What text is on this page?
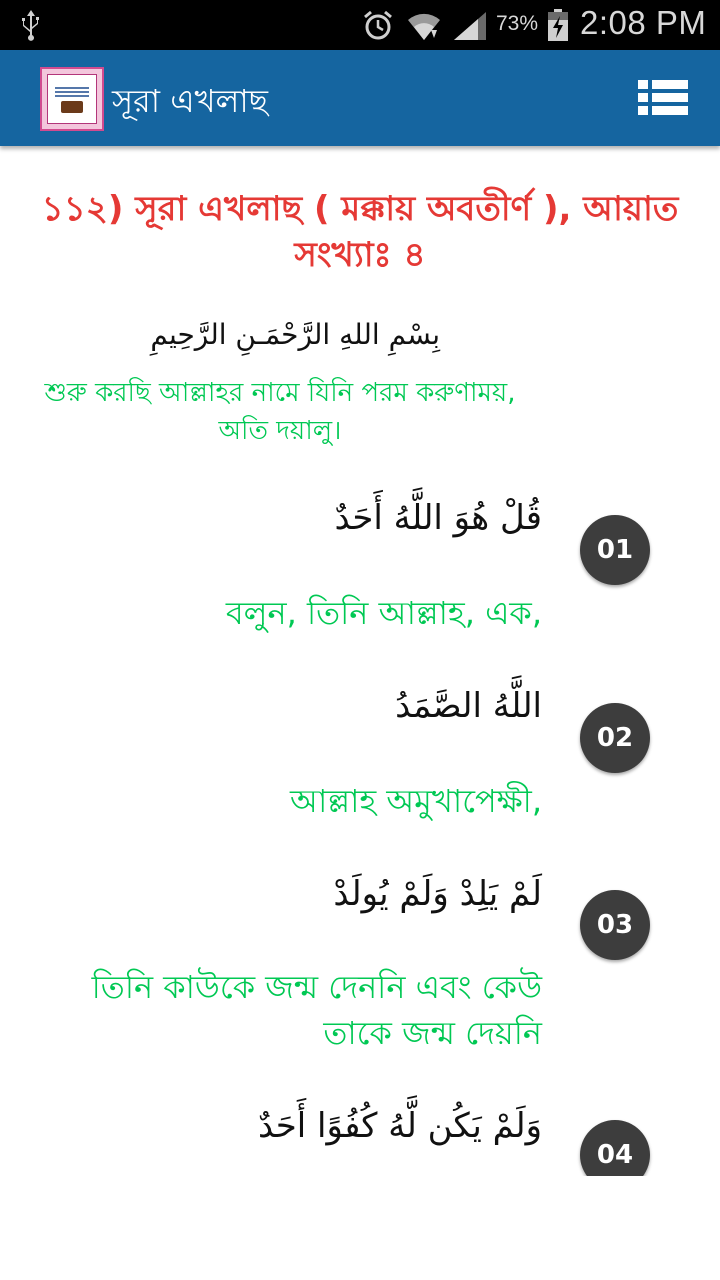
73% 2:08 PM
সূরা এখলাছ
১১২) সূরা এখলাছ ( মক্কায় অবতীর্ণ ), আয়াত সংখ্যাঃ ৪
بِسْمِ اللهِ الرَّحْمَـنِ الرَّحِيمِ
শুরু করছি আল্লাহর নামে যিনি পরম করুণাময়, অতি দয়ালু।
قُلْ هُوَ اللَّهُ أَحَدٌ
01
বলুন, তিনি আল্লাহ, এক,
اللَّهُ الصَّمَدُ
02
আল্লাহ অমুখাপেক্ষী,
لَمْ يَلِدْ وَلَمْ يُولَدْ
03
তিনি কাউকে জন্ম দেননি এবং কেউ তাকে জন্ম দেয়নি
وَلَمْ يَكُن لَّهُ كُفُوًا أَحَدٌ
04
